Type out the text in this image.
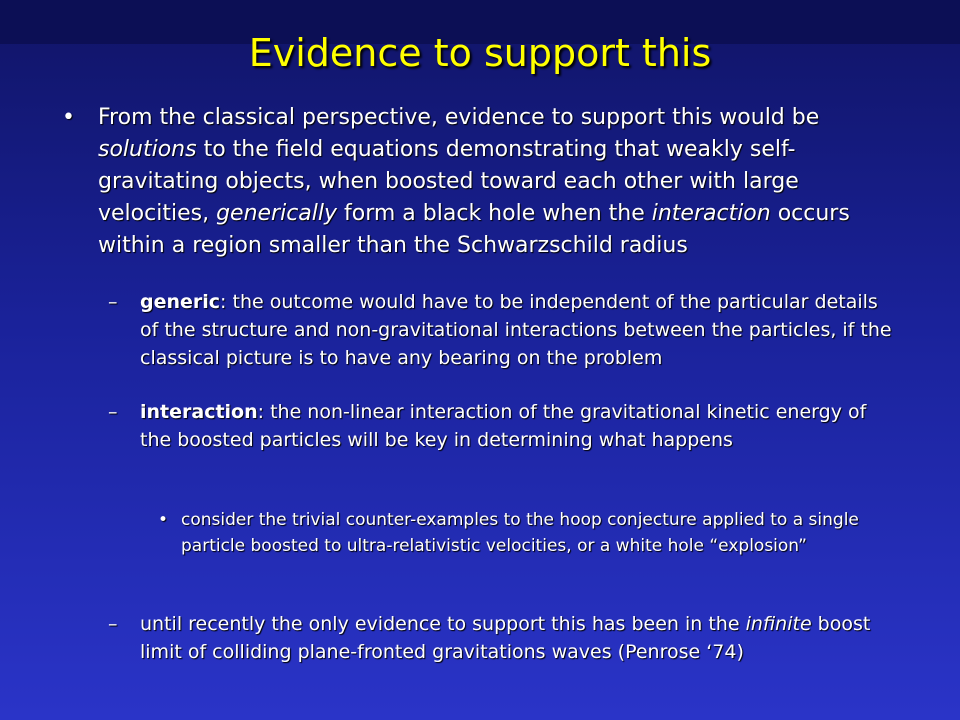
Evidence to support this
• From the classical perspective, evidence to support this would be solutions to the field equations demonstrating that weakly self-gravitating objects, when boosted toward each other with large velocities, generically form a black hole when the interaction occurs within a region smaller than the Schwarzschild radius
– generic: the outcome would have to be independent of the particular details of the structure and non-gravitational interactions between the particles, if the classical picture is to have any bearing on the problem
– interaction: the non-linear interaction of the gravitational kinetic energy of the boosted particles will be key in determining what happens
• consider the trivial counter-examples to the hoop conjecture applied to a single particle boosted to ultra-relativistic velocities, or a white hole “explosion”
– until recently the only evidence to support this has been in the infinite boost limit of colliding plane-fronted gravitations waves (Penrose ‘74)
